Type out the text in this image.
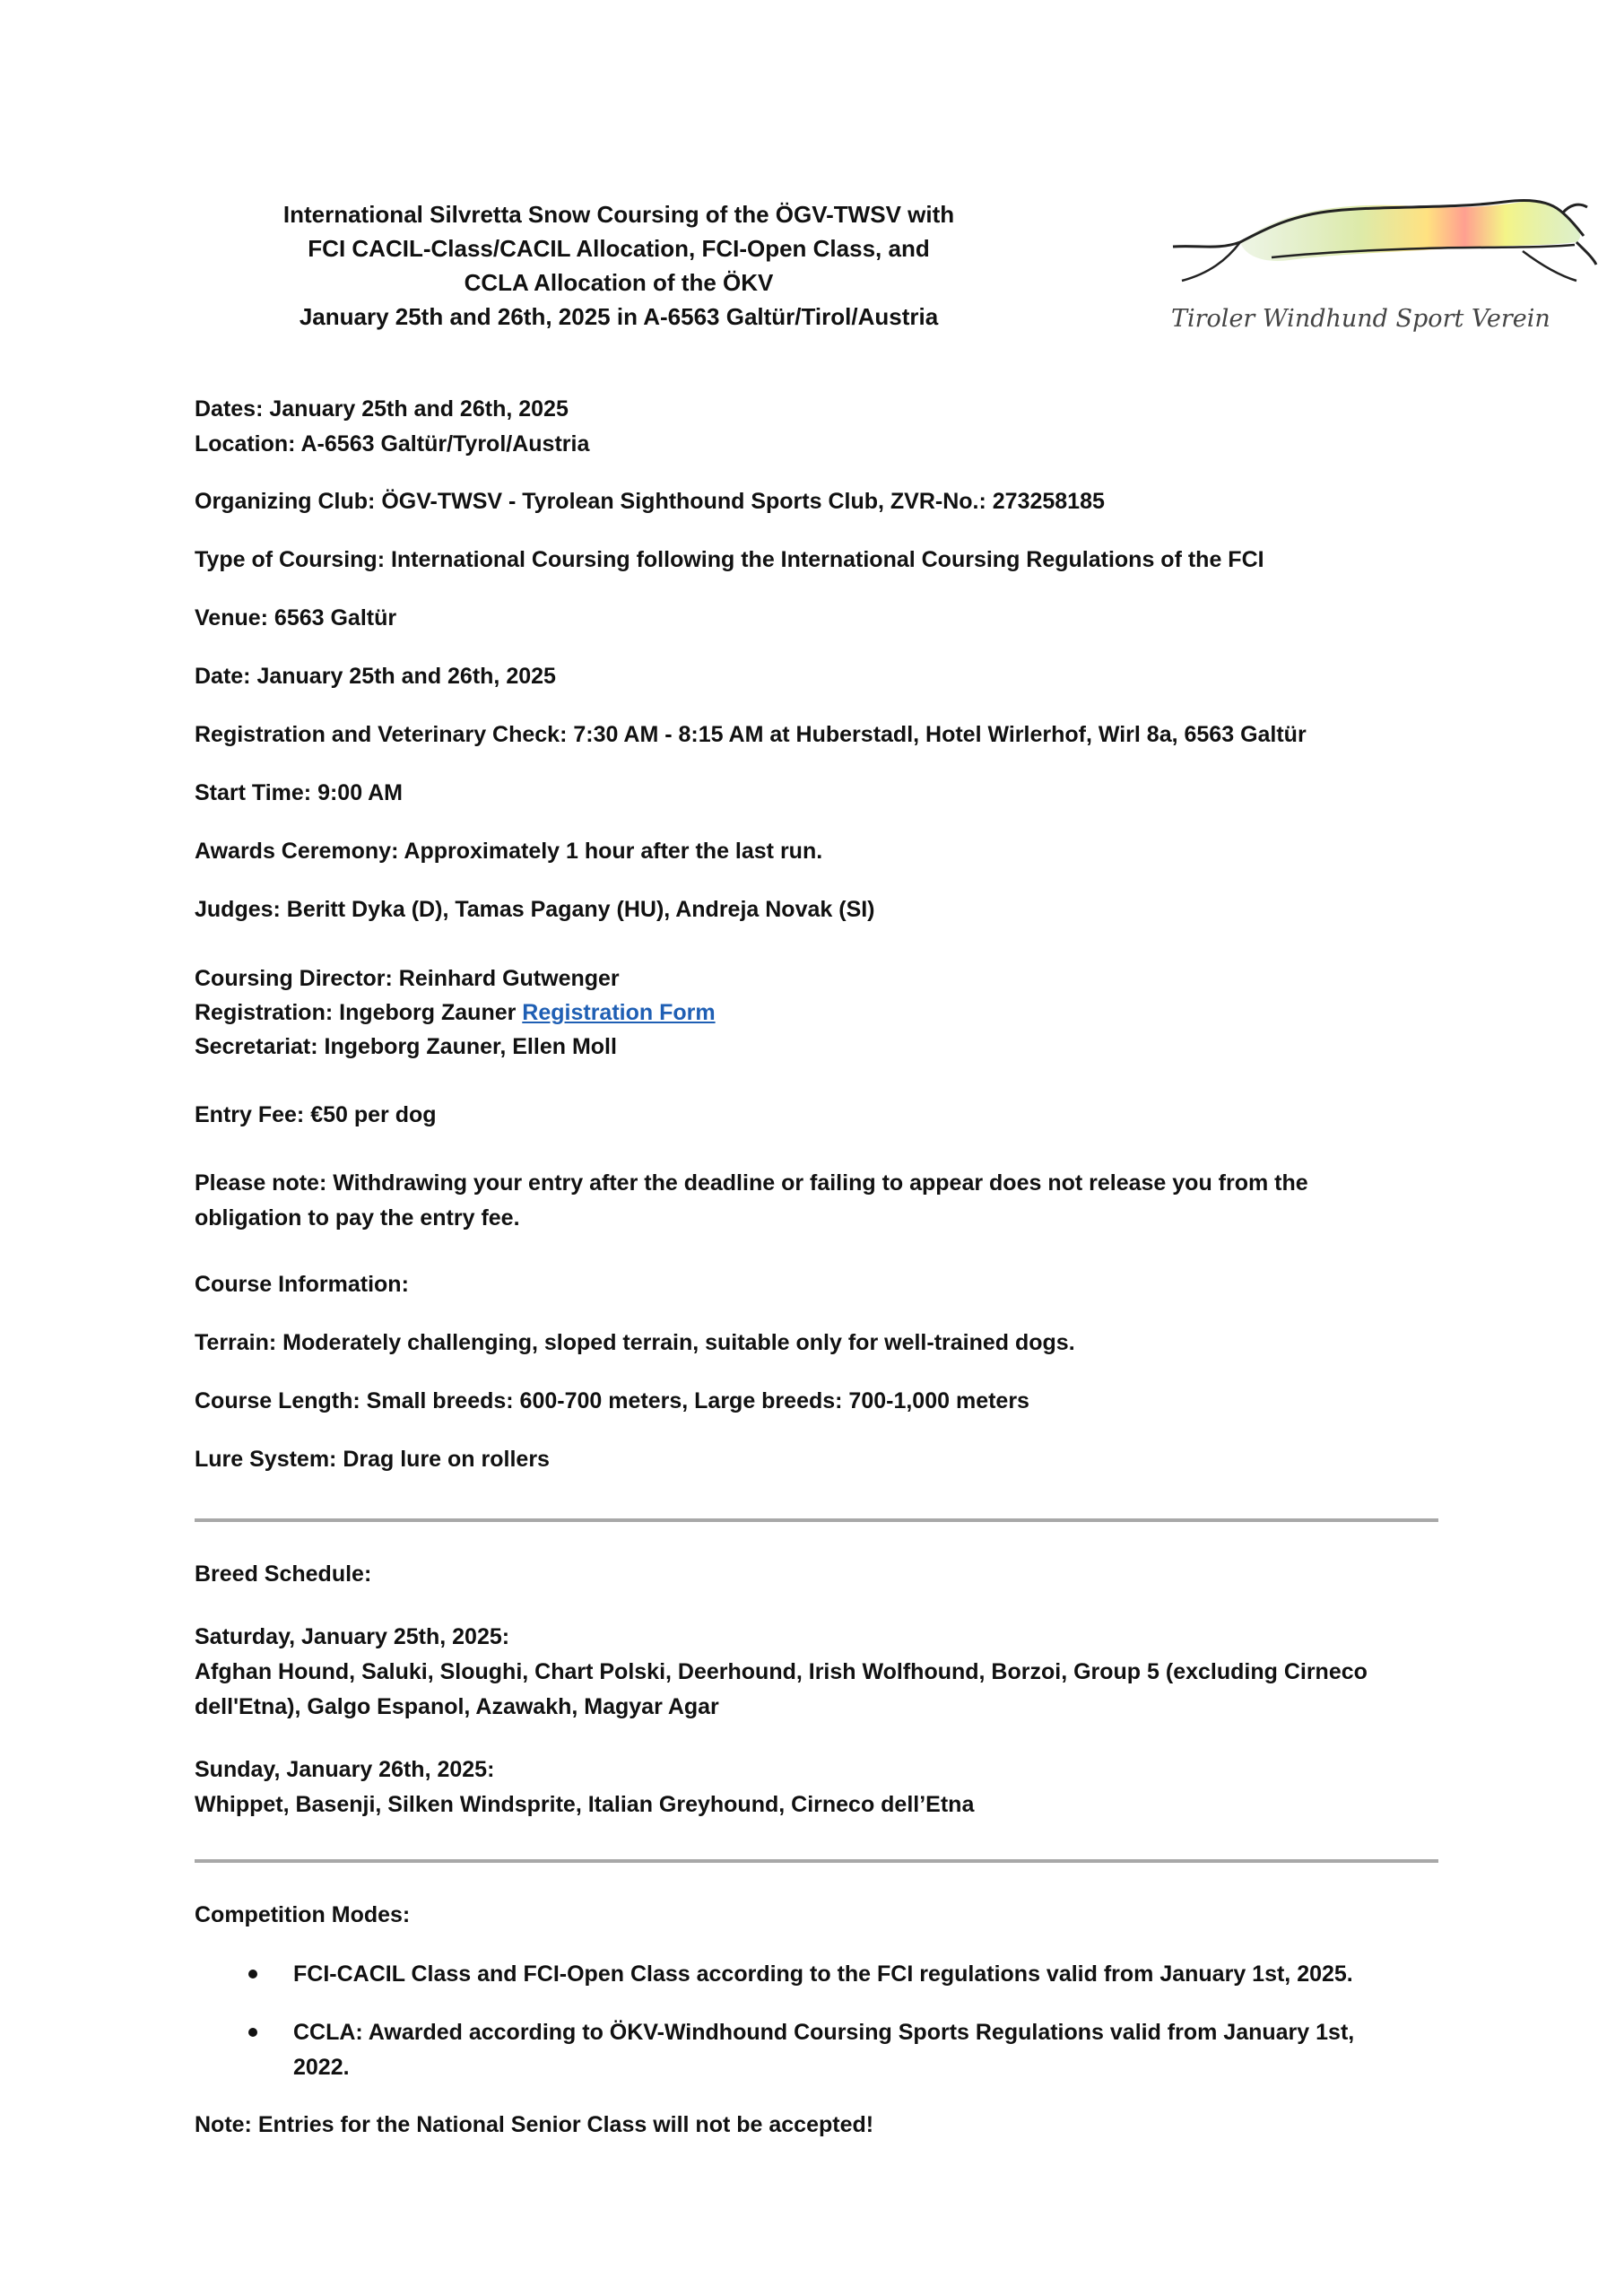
International Silvretta Snow Coursing of the ÖGV-TWSV with
FCI CACIL-Class/CACIL Allocation, FCI-Open Class, and
CCLA Allocation of the ÖKV
January 25th and 26th, 2025 in A-6563 Galtür/Tirol/Austria	Tiroler Windhund Sport Verein
Dates: January 25th and 26th, 2025
Location: A-6563 Galtür/Tyrol/Austria
Organizing Club: ÖGV-TWSV - Tyrolean Sighthound Sports Club, ZVR-No.: 273258185
Type of Coursing: International Coursing following the International Coursing Regulations of the FCI
Venue: 6563 Galtür
Date: January 25th and 26th, 2025
Registration and Veterinary Check: 7:30 AM - 8:15 AM at Huberstadl, Hotel Wirlerhof, Wirl 8a, 6563 Galtür
Start Time: 9:00 AM
Awards Ceremony: Approximately 1 hour after the last run.
Judges: Beritt Dyka (D), Tamas Pagany (HU), Andreja Novak (SI)
Coursing Director: Reinhard Gutwenger
Registration: Ingeborg Zauner Registration Form
Secretariat: Ingeborg Zauner, Ellen Moll
Entry Fee: €50 per dog
Please note: Withdrawing your entry after the deadline or failing to appear does not release you from the
obligation to pay the entry fee.
Course Information:
Terrain: Moderately challenging, sloped terrain, suitable only for well-trained dogs.
Course Length: Small breeds: 600-700 meters, Large breeds: 700-1,000 meters
Lure System: Drag lure on rollers
Breed Schedule:
Saturday, January 25th, 2025:
Afghan Hound, Saluki, Sloughi, Chart Polski, Deerhound, Irish Wolfhound, Borzoi, Group 5 (excluding Cirneco
dell'Etna), Galgo Espanol, Azawakh, Magyar Agar
Sunday, January 26th, 2025:
Whippet, Basenji, Silken Windsprite, Italian Greyhound, Cirneco dell’Etna
Competition Modes:
FCI-CACIL Class and FCI-Open Class according to the FCI regulations valid from January 1st, 2025.
CCLA: Awarded according to ÖKV-Windhound Coursing Sports Regulations valid from January 1st,
2022.
Note: Entries for the National Senior Class will not be accepted!
